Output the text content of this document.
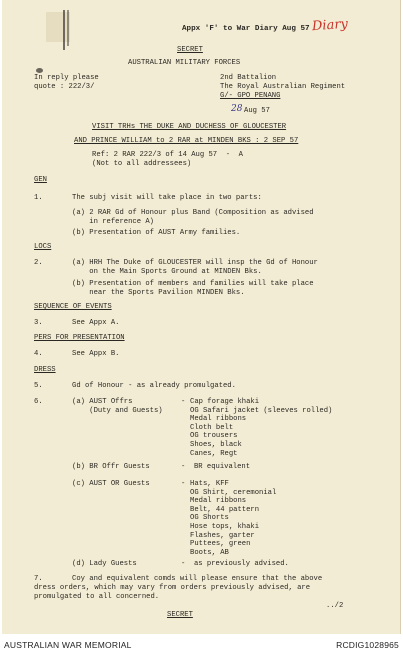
Appx 'F' to War Diary Aug 57 Diary
SECRET
AUSTRALIAN MILITARY FORCES
In reply please
quote : 222/3/
2nd Battalion
The Royal Australian Regiment
G/- GPO PENANG
28 Aug 57
VISIT TRHs THE DUKE AND DUCHESS OF GLOUCESTER
AND PRINCE WILLIAM to 2 RAR at MINDEN BKS : 2 SEP 57
Ref: 2 RAR 222/3 of 14 Aug 57  -  A
(Not to all addressees)
GEN
1.	The subj visit will take place in two parts:
(a) 2 RAR Gd of Honour plus Band (Composition as advised
in reference A)
(b) Presentation of AUST Army families.
LOCS
2.	(a) HRH The Duke of GLOUCESTER will insp the Gd of Honour
on the Main Sports Ground at MINDEN Bks.
(b) Presentation of members and families will take place
near the Sports Pavilion MINDEN Bks.
SEQUENCE OF EVENTS
3.	See Appx A.
PERS FOR PRESENTATION
4.	See Appx B.
DRESS
5.	Gd of Honour - as already promulgated.
6.	(a) AUST Offrs
(Duty and Guests)
- Cap forage khaki
OG Safari jacket (sleeves rolled)
Medal ribbons
Cloth belt
OG trousers
Shoes, black
Canes, Regt
(b) BR Offr Guests	-  BR equivalent
(c) AUST OR Guests	- Hats, KFF
OG Shirt, ceremonial
Medal ribbons
Belt, 44 pattern
OG Shorts
Hose tops, khaki
Flashes, garter
Puttees, green
Boots, AB
(d) Lady Guests	-  as previously advised.
7.	Coy and equivalent comds will please ensure that the above
dress orders, which may vary from orders previously advised, are
promulgated to all concerned.
../2
SECRET
AUSTRALIAN WAR MEMORIAL	RCDIG1028965
